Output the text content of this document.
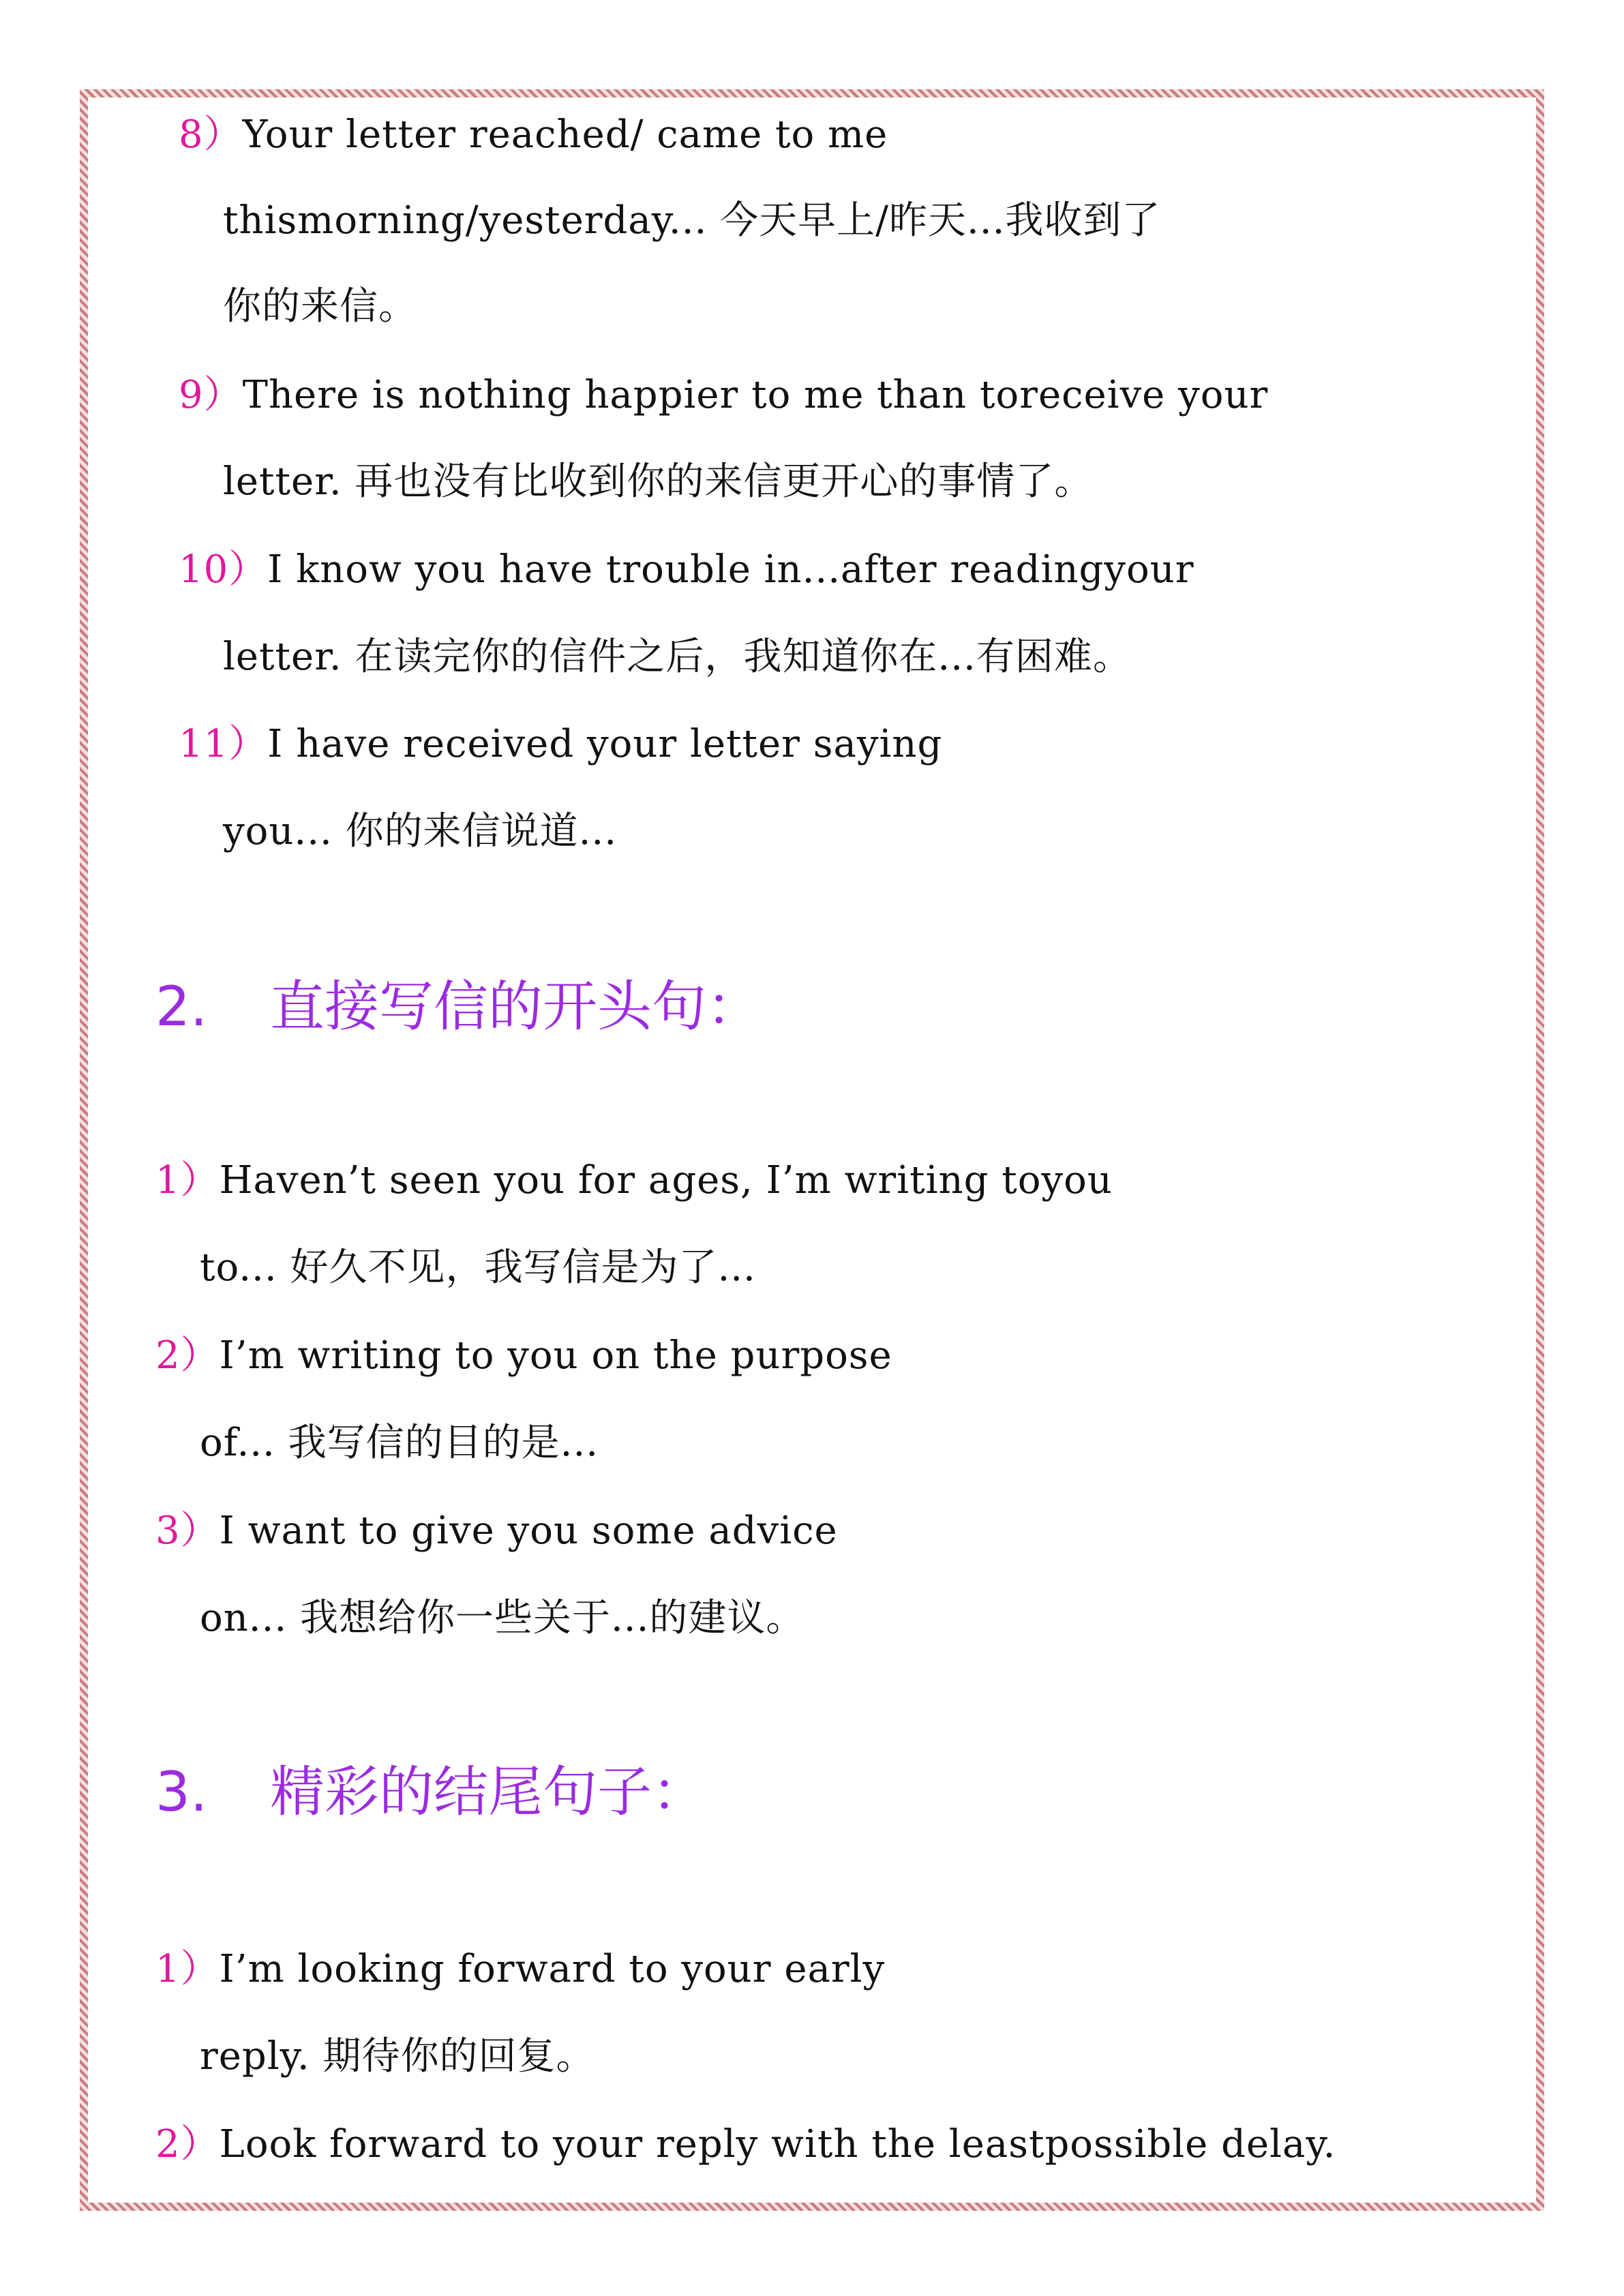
8）Your letter reached/ came to me
thismorning/yesterday... 今天早上/昨天...我收到了
你的来信。
9）There is nothing happier to me than toreceive your
letter. 再也没有比收到你的来信更开心的事情了。
10）I know you have trouble in...after readingyour
letter. 在读完你的信件之后，我知道你在...有困难。
11）I have received your letter saying
you... 你的来信说道...
2. 直接写信的开头句：
1）Haven’t seen you for ages, I’m writing toyou
to... 好久不见，我写信是为了...
2）I’m writing to you on the purpose
of... 我写信的目的是...
3）I want to give you some advice
on... 我想给你一些关于...的建议。
3. 精彩的结尾句子：
1）I’m looking forward to your early
reply. 期待你的回复。
2）Look forward to your reply with the leastpossible delay.
